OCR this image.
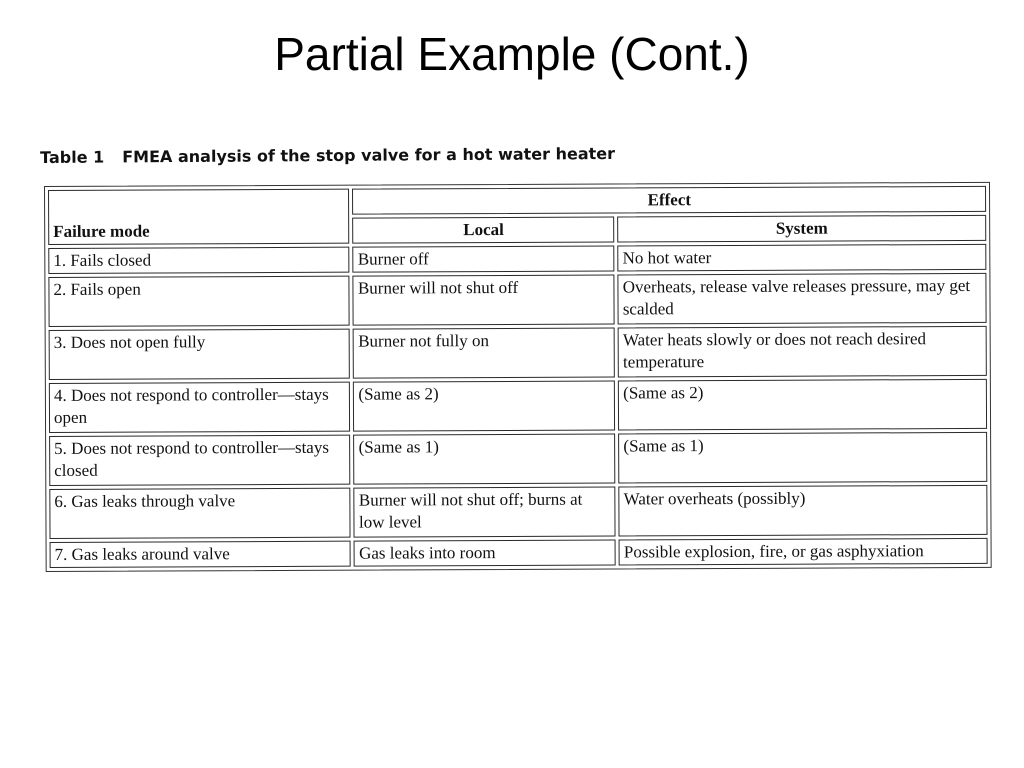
Partial Example (Cont.)
Table 1 FMEA analysis of the stop valve for a hot water heater
Failure mode	Effect	
	Local	System
1. Fails closed	Burner off	No hot water
2. Fails open	Burner will not shut off	Overheats, release valve releases pressure, may get scalded
3. Does not open fully	Burner not fully on	Water heats slowly or does not reach desired temperature
4. Does not respond to controller—stays open	(Same as 2)	(Same as 2)
5. Does not respond to controller—stays closed	(Same as 1)	(Same as 1)
6. Gas leaks through valve	Burner will not shut off; burns at low level	Water overheats (possibly)
7. Gas leaks around valve	Gas leaks into room	Possible explosion, fire, or gas asphyxiation
